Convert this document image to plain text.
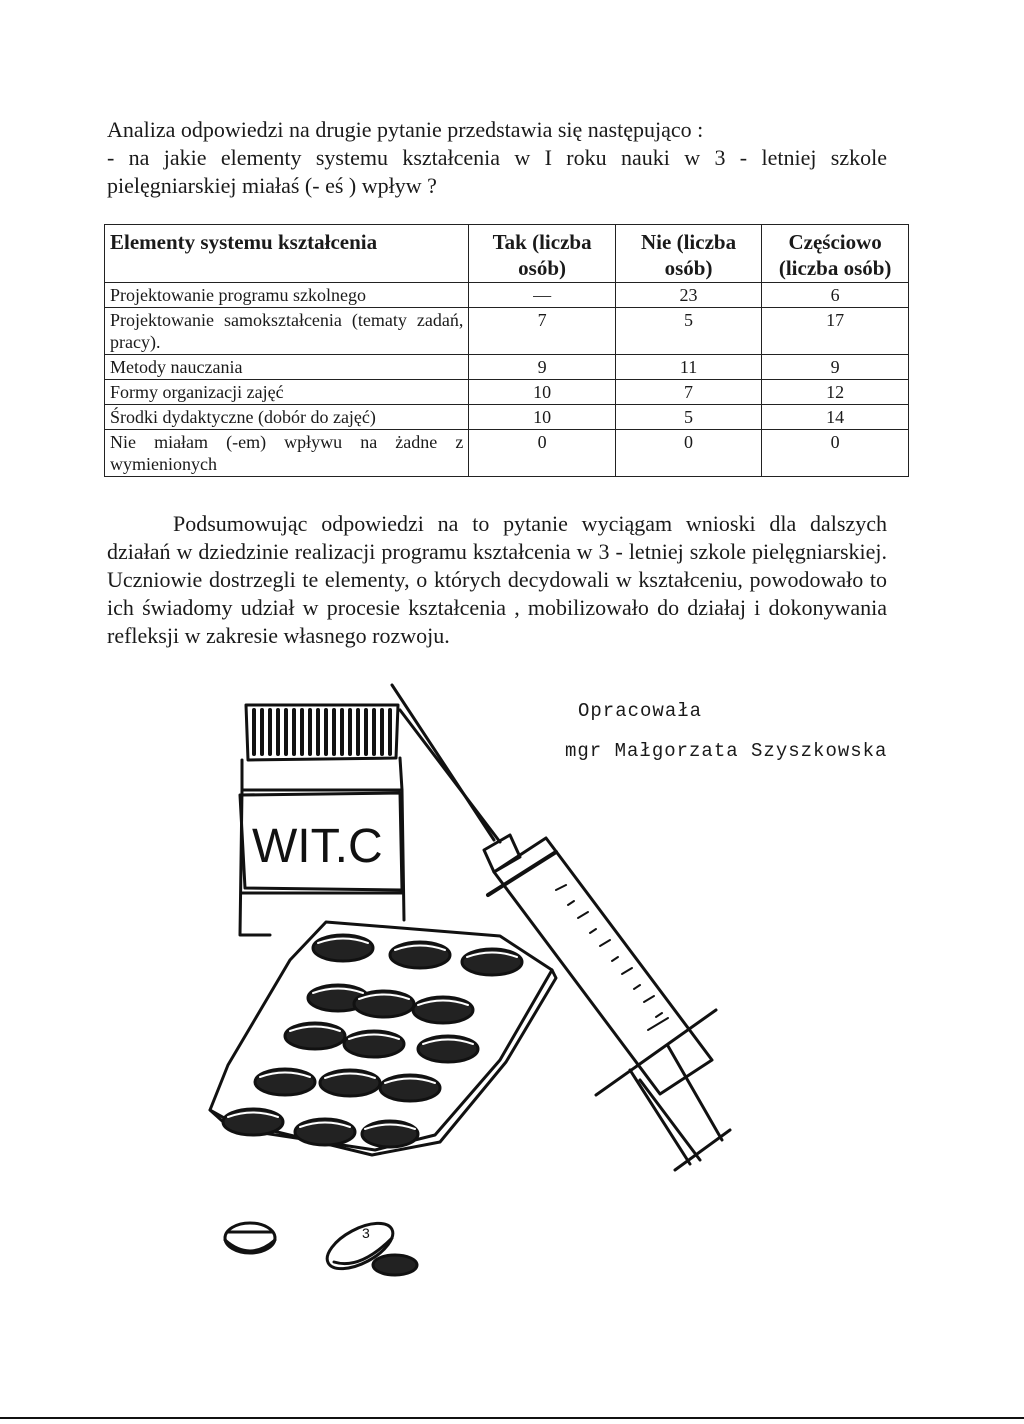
Analiza odpowiedzi na drugie pytanie przedstawia się następująco :

- na jakie elementy systemu kształcenia w I roku nauki w 3 - letniej szkole pielęgniarskiej miałaś (- eś ) wpływ ?

Elementy systemu kształcenia	Tak (liczba osób)	Nie (liczba osób)	Częściowo (liczba osób)
Projektowanie programu szkolnego	—	23	6
Projektowanie samokształcenia (tematy zadań, pracy).	7	5	17
Metody nauczania	9	11	9
Formy organizacji zajęć	10	7	12
Środki dydaktyczne (dobór do zajęć)	10	5	14
Nie miałam (-em) wpływu na żadne z wymienionych	0	0	0

Podsumowując odpowiedzi na to pytanie wyciągam wnioski dla dalszych działań w dziedzinie realizacji programu kształcenia w 3 - letniej szkole pielęgniarskiej. Uczniowie dostrzegli te elementy, o których decydowali w kształceniu, powodowało to ich świadomy udział w procesie kształcenia , mobilizowało do działaj i dokonywania refleksji w zakresie własnego rozwoju.

Opracowała
mgr Małgorzata Szyszkowska
WIT.C
3
